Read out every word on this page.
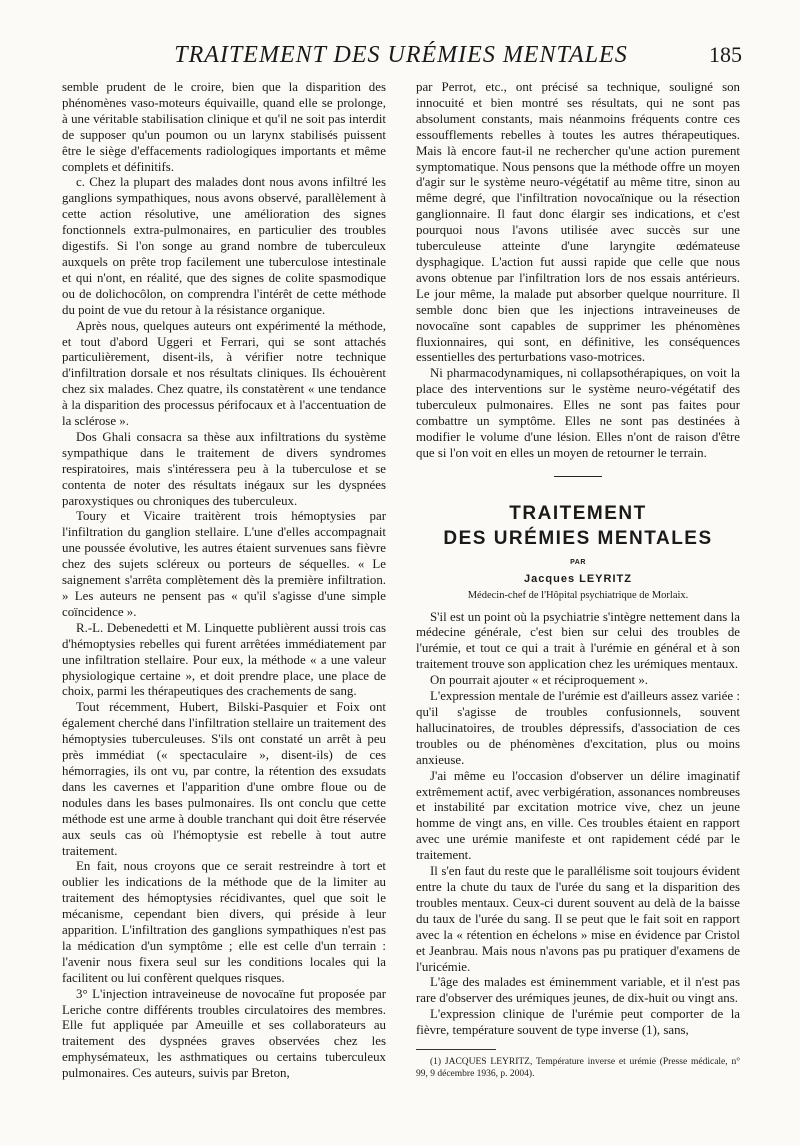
TRAITEMENT DES URÉMIES MENTALES	185

semble prudent de le croire, bien que la disparition des phénomènes vaso-moteurs équivaille, quand elle se prolonge, à une véritable stabilisation clinique et qu'il ne soit pas interdit de supposer qu'un poumon ou un larynx stabilisés puissent être le siège d'effacements radiologiques importants et même complets et définitifs.

c. Chez la plupart des malades dont nous avons infiltré les ganglions sympathiques, nous avons observé, parallèlement à cette action résolutive, une amélioration des signes fonctionnels extra-pulmonaires, en particulier des troubles digestifs. Si l'on songe au grand nombre de tuberculeux auxquels on prête trop facilement une tuberculose intestinale et qui n'ont, en réalité, que des signes de colite spasmodique ou de dolichocôlon, on comprendra l'intérêt de cette méthode du point de vue du retour à la résistance organique.

Après nous, quelques auteurs ont expérimenté la méthode, et tout d'abord Uggeri et Ferrari, qui se sont attachés particulièrement, disent-ils, à vérifier notre technique d'infiltration dorsale et nos résultats cliniques. Ils échouèrent chez six malades. Chez quatre, ils constatèrent « une tendance à la disparition des processus périfocaux et à l'accentuation de la sclérose ».

Dos Ghali consacra sa thèse aux infiltrations du système sympathique dans le traitement de divers syndromes respiratoires, mais s'intéressera peu à la tuberculose et se contenta de noter des résultats inégaux sur les dyspnées paroxystiques ou chroniques des tuberculeux.

Toury et Vicaire traitèrent trois hémoptysies par l'infiltration du ganglion stellaire. L'une d'elles accompagnait une poussée évolutive, les autres étaient survenues sans fièvre chez des sujets scléreux ou porteurs de séquelles. « Le saignement s'arrêta complètement dès la première infiltration. » Les auteurs ne pensent pas « qu'il s'agisse d'une simple coïncidence ».

R.-L. Debenedetti et M. Linquette publièrent aussi trois cas d'hémoptysies rebelles qui furent arrêtées immédiatement par une infiltration stellaire. Pour eux, la méthode « a une valeur physiologique certaine », et doit prendre place, une place de choix, parmi les thérapeutiques des crachements de sang.

Tout récemment, Hubert, Bilski-Pasquier et Foix ont également cherché dans l'infiltration stellaire un traitement des hémoptysies tuberculeuses. S'ils ont constaté un arrêt à peu près immédiat (« spectaculaire », disent-ils) de ces hémorragies, ils ont vu, par contre, la rétention des exsudats dans les cavernes et l'apparition d'une ombre floue ou de nodules dans les bases pulmonaires. Ils ont conclu que cette méthode est une arme à double tranchant qui doit être réservée aux seuls cas où l'hémoptysie est rebelle à tout autre traitement.

En fait, nous croyons que ce serait restreindre à tort et oublier les indications de la méthode que de la limiter au traitement des hémoptysies récidivantes, quel que soit le mécanisme, cependant bien divers, qui préside à leur apparition. L'infiltration des ganglions sympathiques n'est pas la médication d'un symptôme ; elle est celle d'un terrain : l'avenir nous fixera seul sur les conditions locales qui la facilitent ou lui confèrent quelques risques.

3° L'injection intraveineuse de novocaïne fut proposée par Leriche contre différents troubles circulatoires des membres. Elle fut appliquée par Ameuille et ses collaborateurs au traitement des dyspnées graves observées chez les emphysémateux, les asthmatiques ou certains tuberculeux pulmonaires. Ces auteurs, suivis par Breton,

par Perrot, etc., ont précisé sa technique, souligné son innocuité et bien montré ses résultats, qui ne sont pas absolument constants, mais néanmoins fréquents contre ces essoufflements rebelles à toutes les autres thérapeutiques. Mais là encore faut-il ne rechercher qu'une action purement symptomatique. Nous pensons que la méthode offre un moyen d'agir sur le système neuro-végétatif au même titre, sinon au même degré, que l'infiltration novocaïnique ou la résection ganglionnaire. Il faut donc élargir ses indications, et c'est pourquoi nous l'avons utilisée avec succès sur une tuberculeuse atteinte d'une laryngite œdémateuse dysphagique. L'action fut aussi rapide que celle que nous avons obtenue par l'infiltration lors de nos essais antérieurs. Le jour même, la malade put absorber quelque nourriture. Il semble donc bien que les injections intraveineuses de novocaïne sont capables de supprimer les phénomènes fluxionnaires, qui sont, en définitive, les conséquences essentielles des perturbations vaso-motrices.

Ni pharmacodynamiques, ni collapsothérapiques, on voit la place des interventions sur le système neuro-végétatif des tuberculeux pulmonaires. Elles ne sont pas faites pour combattre un symptôme. Elles ne sont pas destinées à modifier le volume d'une lésion. Elles n'ont de raison d'être que si l'on voit en elles un moyen de retourner le terrain.

TRAITEMENT
DES URÉMIES MENTALES
PAR
Jacques LEYRITZ
Médecin-chef de l'Hôpital psychiatrique de Morlaix.

S'il est un point où la psychiatrie s'intègre nettement dans la médecine générale, c'est bien sur celui des troubles de l'urémie, et tout ce qui a trait à l'urémie en général et à son traitement trouve son application chez les urémiques mentaux.

On pourrait ajouter « et réciproquement ».

L'expression mentale de l'urémie est d'ailleurs assez variée : qu'il s'agisse de troubles confusionnels, souvent hallucinatoires, de troubles dépressifs, d'association de ces troubles ou de phénomènes d'excitation, plus ou moins anxieuse.

J'ai même eu l'occasion d'observer un délire imaginatif extrêmement actif, avec verbigération, assonances nombreuses et instabilité par excitation motrice vive, chez un jeune homme de vingt ans, en ville. Ces troubles étaient en rapport avec une urémie manifeste et ont rapidement cédé par le traitement.

Il s'en faut du reste que le parallélisme soit toujours évident entre la chute du taux de l'urée du sang et la disparition des troubles mentaux. Ceux-ci durent souvent au delà de la baisse du taux de l'urée du sang. Il se peut que le fait soit en rapport avec la « rétention en échelons » mise en évidence par Cristol et Jeanbrau. Mais nous n'avons pas pu pratiquer d'examens de l'uricémie.

L'âge des malades est éminemment variable, et il n'est pas rare d'observer des urémiques jeunes, de dix-huit ou vingt ans.

L'expression clinique de l'urémie peut comporter de la fièvre, température souvent de type inverse (1), sans,

(1) JACQUES LEYRITZ, Température inverse et urémie (Presse médicale, n° 99, 9 décembre 1936, p. 2004).
